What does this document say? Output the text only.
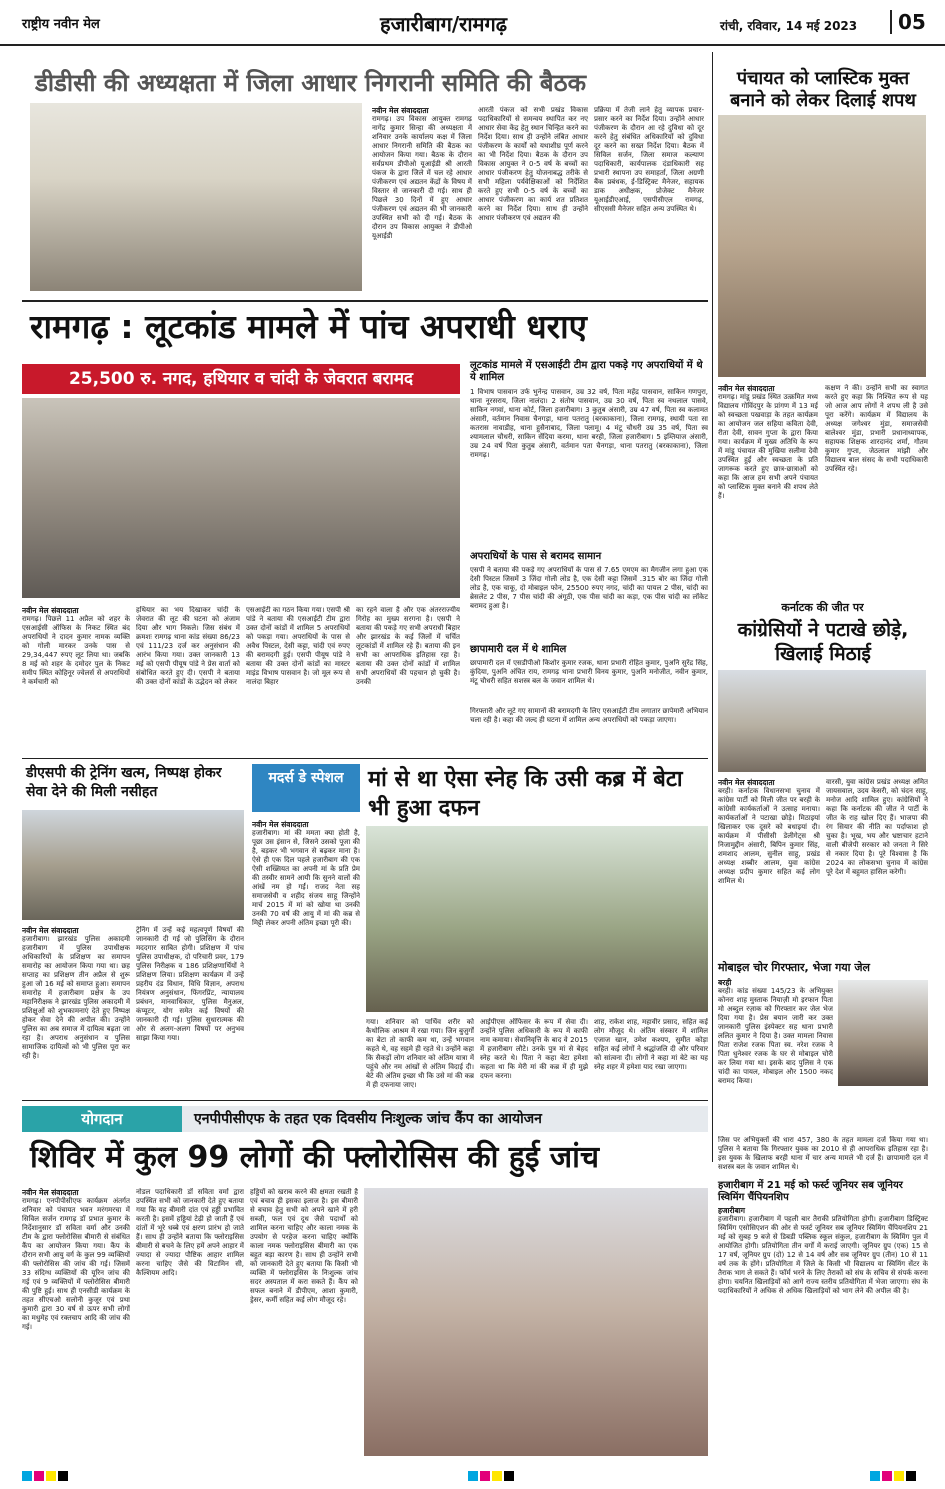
राष्ट्रीय नवीन मेल	हजारीबाग/रामगढ़	रांची, रविवार, 14 मई 2023	05
डीडीसी की अध्यक्षता में जिला आधार निगरानी समिति की बैठक
नवीन मेल संवाददाता

रामगढ़। उप विकास आयुक्त रामगढ़ नागेंद्र कुमार सिन्हा की अध्यक्षता में शनिवार उनके कार्यालय कक्ष में जिला आधार निगरानी समिति की बैठक का आयोजन किया गया। बैठक के दौरान सर्वप्रथम डीपीओ यूआईडी श्री आरती पंकज के द्वारा जिले में चल रहे आधार पंजीकरण एवं अद्यतन केंद्रों के विषय में विस्तार से जानकारी दी गई। साथ ही पिछले 30 दिनों में हुए आधार पंजीकरण एवं अद्यतन की भी जानकारी उपस्थित सभी को दी गई। बैठक के दौरान उप विकास आयुक्त ने डीपीओ यूआईडी

आरती पंकज को सभी प्रखंड विकास पदाधिकारियों से समन्वय स्थापित कर नए आधार सेवा केंद्र हेतु स्थान चिन्हित करने का निर्देश दिया। साथ ही उन्होंने लंबित आधार पंजीकरण के कार्यों को यथाशीघ्र पूर्ण करने का भी निर्देश दिया। बैठक के दौरान उप विकास आयुक्त ने 0-5 वर्ष के बच्चों का आधार पंजीकरण हेतु योजनाबद्ध तरीके से सभी महिला पर्यवेक्षिकाओं को निर्देशित करते हुए सभी 0-5 वर्ष के बच्चों का आधार पंजीकरण का कार्य शत प्रतिशत करने का निर्देश दिया। साथ ही उन्होंने आधार पंजीकरण एवं अद्यतन की
प्रक्रिया में तेजी लाने हेतु व्यापक प्रचार-प्रसार करने का निर्देश दिया। उन्होंने आधार पंजीकरण के दौरान आ रहे दुविधा को दूर करने हेतु संबंधित अधिकारियों को दुविधा दूर करने का सख्त निर्देश दिया। बैठक में सिविल सर्जन, जिला समाज कल्याण पदाधिकारी, कार्यपालक दंडाधिकारी सह प्रभारी स्थापना उप समाहर्ता, जिला अग्रणी बैंक प्रबंधक, ई-डिस्ट्रिक्ट मैनेजर, सहायक डाक अधीक्षक, प्रोजेक्ट मैनेजर यूआईडीएआई, एसपीसीएल रामगढ़, सीएससी मैनेजर सहित अन्य उपस्थित थे।
पंचायत को प्लास्टिक मुक्त बनाने को लेकर दिलाई शपथ
नवीन मेल संवाददाता

रामगढ़। मांडू प्रखंड स्थित उत्क्रमित मध्य विद्यालय गोविंदपुर के प्रांगण में 13 मई को स्वच्छता पखवाड़ा के तहत कार्यक्रम का आयोजन जल सहिया कविता देवी, रीता देवी, सावन गुप्ता के द्वारा किया गया। कार्यक्रम में मुख्य अतिथि के रूप में मांडू पंचायत की मुखिया सलीमा देवी उपस्थित हुईं और स्वच्छता के प्रति जागरूक करते हुए छात्र-छात्राओं को कहा कि आज हम सभी अपने पंचायत को प्लास्टिक मुक्त बनाने की शपथ लेते हैं।

कक्षण ने की। उन्होंने सभी का स्वागत करते हुए कहा कि निश्चित रूप से यह जो आज आप लोगों ने शपथ ली है उसे पूरा करेंगे। कार्यक्रम में विद्यालय के अध्यक्ष जगेश्वर मुंडा, समाजसेवी बालेश्वर मुंडा, प्रभारी प्रधानाध्यापक, सहायक शिक्षक शारदानंद शर्मा, गौतम कुमार गुप्ता, जेठलाल मांझी और विद्यालय बाल संसद के सभी पदाधिकारी उपस्थित रहे।
रामगढ़ : लूटकांड मामले में पांच अपराधी धराए
25,500 रु. नगद, हथियार व चांदी के जेवरात बरामद
नवीन मेल संवाददाता

रामगढ़। पिछले 11 अप्रैल को शहर के एसआईसी ऑफिस के निकट स्थित बंद अपराधियों ने दादन कुमार नामक व्यक्ति को गोली मारकर उनके पास से 29,34,447 रुपए लूट लिया था। जबकि 8 मई को शहर के दमोदर पुल के निकट समीप स्थित कोहिनूर ज्वेलर्स से अपराधियों ने कर्मचारी को

हथियार का भय दिखाकर चांदी के जेवरात की लूट की घटना को अंजाम दिया और भाग निकले। जिस संबंध में क्रमशः रामगढ़ थाना कांड संख्या 86/23 एवं 111/23 दर्ज कर अनुसंधान की आरंभ किया गया। उक्त जानकारी 13 मई को एसपी पीयूष पांडे ने प्रेस वार्ता को संबोधित करते हुए दी। एसपी ने बताया की उक्त दोनों कांडों के उद्भेदन को लेकर
एसआईटी का गठन किया गया। एसपी श्री पांडे ने बताया की एसआईटी टीम द्वारा उक्त दोनों कांडों में शामिल 5 अपराधियों को पकड़ा गया। अपराधियों के पास से अवैध पिस्टल, देसी कट्टा, चांदी एवं रुपए की बरामदगी हुई। एसपी पीयूष पांडे ने बताया की उक्त दोनों कांडों का मास्टर माइंड विभाष पासवान है। जो मूल रूप से नालंदा बिहार
का रहने वाला है और एक अंतरराज्यीय गिरोह का मुख्य सरगना है। एसपी ने बताया की पकड़े गए सभी अपराधी बिहार और झारखंड के कई जिलों में चर्चित लूटकांडों में शामिल रहे हैं। बताया की इन सभी का आपराधिक इतिहास रहा है। बताया की उक्त दोनों कांडों में शामिल सभी अपराधियों की पहचान हो चुकी है। उनकी
लूटकांड मामले में एसआईटी टीम द्वारा पकड़े गए अपराधियों में थे ये शामिल
1 विभाष पासवान उर्फ भुनेन्द्र पासवान, उम्र 32 वर्ष, पिता महेंद्र पासवान, साकिन गणपुरा, थाना नूरसराय, जिला नालंदा। 2 संतोष पासवान, उम्र 30 वर्ष, पिता स्व नथलाल पासवे, साकिन नगवां, थाना कोर्ट, जिला हजारीबाग। 3 कुतुब अंसारी, उम्र 47 वर्ष, पिता स्व कलामत अंसारी, वर्तमान निवास चैनगड़ा, थाना पतरातु (बरकाकाना), जिला रामगढ़, स्थायी पता सा कतरास नावाडीह, थाना हुसैनाबाद, जिला पलामू। 4 मंटू चौधरी उम्र 35 वर्ष, पिता स्व श्यामलाल चौधरी, साकिन सेंदिया करमा, थाना बरही, जिला हजारीबाग। 5 इम्तियाज अंसारी, उम्र 24 वर्ष पिता कुतुब अंसारी, वर्तमान पता चैनगड़ा, थाना पतरातु (बरकाकाना), जिला रामगढ़।
अपराधियों के पास से बरामद सामान
एसपी ने बताया की पकड़े गए अपराधियों के पास से 7.65 एमएम का मैगजीन लगा हुआ एक देसी पिस्टल जिसमें 3 जिंदा गोली लोड है, एक देसी कट्टा जिसमें .315 बोर का जिंदा गोली लोड है, एक चाकू, दो मोबाइल फोन, 25500 रुपए नगद, चांदी का पायल 2 पीस, चांदी का ब्रेसलेट 2 पीस, 7 पीस चांदी की अंगूठी, एक पीस चांदी का कड़ा, एक पीस चांदी का लॉकेट बरामद हुआ है।
छापामारी दल में थे शामिल
छापामारी दल में एसडीपीओ किशोर कुमार रजक, थाना प्रभारी रोहित कुमार, पुअनि सुरेंद्र सिंह, कुंदिया, पुअनि अंचित राय, रामगढ़ थाना प्रभारी विनय कुमार, पुअनि मनोजीत, नवीन कुमार, मंटू चौधरी सहित सशस्त्र बल के जवान शामिल थे।
गिरफ्तारी और लूटे गए सामानों की बरामदगी के लिए एसआईटी टीम लगातार छापेमारी अभियान चला रही है। कहा की जल्द ही घटना में शामिल अन्य अपराधियों को पकड़ा जाएगा।
कर्नाटक की जीत पर
कांग्रेसियों ने पटाखे छोड़े, खिलाई मिठाई
नवीन मेल संवाददाता

बरही। कर्नाटक विधानसभा चुनाव में कांग्रेस पार्टी को मिली जीत पर बरही के कांग्रेसी कार्यकर्ताओं ने उत्साह मनाया। कार्यकर्ताओं ने पटाखा छोड़े। मिठाइयां खिलाकर एक दूसरे को बधाइयां दी। कार्यक्रम में पीसीसी डेलीगेट्स श्री निजामुद्दीन अंसारी, बिपिन कुमार सिंह, शमशाद आलम, सुनील साहू, प्रखंड अध्यक्ष शब्बीर आलम, युवा कांग्रेस अध्यक्ष प्रदीप कुमार सहित कई लोग शामिल थे।

वारसी, युवा कांग्रेस प्रखंड अध्यक्ष अमित जायसवाल, उदय केसरी, को चंदन साहू, मनोज आदि शामिल हुए। कांग्रेसियों ने कहा कि कर्नाटक की जीत ने पार्टी के जीत के राह खोल दिए हैं। भाजपा की रंग सियार की नीति का पर्दाफाश हो चुका है। भूख, भय और भ्रष्टाचार हटाने वाली बीजेपी सरकार को जनता ने सिरे से नकार दिया है। पूरे विश्वास है कि 2024 का लोकसभा चुनाव में कांग्रेस पूरे देश में बहुमत हासिल करेगी।
डीएसपी की ट्रेनिंग खत्म, निष्पक्ष होकर सेवा देने की मिली नसीहत
नवीन मेल संवाददाता

हजारीबाग। झारखंड पुलिस अकादमी हजारीबाग में पुलिस उपाधीक्षक अधिकारियों के प्रशिक्षण का समापन समारोह का आयोजन किया गया था। छह सप्ताह का प्रशिक्षण तीन अप्रैल से शुरू हुआ जो 16 मई को समाप्त हुआ। समापन समारोह में हजारीबाग प्रक्षेत्र के उप महानिरीक्षक ने झारखंड पुलिस अकादमी में प्रशिक्षुओं को शुभकामनाएं देते हुए निष्पक्ष होकर सेवा देने की अपील की। उन्होंने पुलिस का अब समाज में दायित्व बढ़ता जा रहा है। अपराध अनुसंधान व पुलिस सामाजिक दायित्वों को भी पुलिस पूरा कर रही है।

ट्रेनिंग में उन्हें कई महत्वपूर्ण विषयों की जानकारी दी गई जो पुलिसिंग के दौरान मददगार साबित होगी। प्रशिक्षण में पांच पुलिस उपाधीक्षक, दो परिचारी प्रवर, 179 पुलिस निरीक्षक व 186 प्रशिक्षणार्थियों ने प्रशिक्षण लिया। प्रशिक्षण कार्यक्रम में उन्हें प्रहरीय दंड विधान, विधि विज्ञान, अपराध नियंत्रण अनुसंधान, फिंगरप्रिंट, न्यायालय प्रबंधन, मानवाधिकार, पुलिस मैनुअल, कंप्यूटर, योग समेत कई विषयों की जानकारी दी गई। पुलिस सुधारात्मक की ओर से अलग-अलग विषयों पर अनुभव साझा किया गया।
मदर्स डे स्पेशल	मां से था ऐसा स्नेह कि उसी कब्र में बेटा भी हुआ दफन
नवीन मेल संवाददाता

हजारीबाग। मां की ममता क्या होती है, पूछा उस इंसान से, जिसने उसको पूजा की है, बड़कर भी भगवान से बढ़कर माना है। ऐसे ही एक दिल पहले हजारीबाग की एक ऐसी शख्सियत का अपनी मां के प्रति प्रेम की तस्वीर सामने आयी कि सुनने वालों की आंखें नम हो गईं। राजद नेता सह समाजसेवी व शहीद संजय साहू जिन्होंने मार्च 2015 में मां को खोया था उनकी उनकी 70 वर्ष की आयु में मां की कब्र से मिट्टी लेकर अपनी अंतिम इच्छा पूरी की।

गया। शनिवार को पार्थिव शरीर को कैथोलिक आश्रम में रखा गया। जिन बुजुर्गों का बेटा तो काफी कम था, उन्हें भगवान कहते थे, वह सहमे ही रहते थे। उन्होंने कहा कि सैकड़ों लोग शनिवार को अंतिम यात्रा में पहुंचे और नम आंखों से अंतिम विदाई दी। बेटे की अंतिम इच्छा थी कि उसे मां की कब्र में ही दफनाया जाए।
आईपीएस ऑफिसर के रूप में सेवा दी। उन्होंने पुलिस अधिकारी के रूप में काफी नाम कमाया। सेवानिवृत्ति के बाद वे 2015 में हजारीबाग लौटे। उनके पुत्र मां से बेहद स्नेह करते थे। पिता ने कहा बेटा हमेशा कहता था कि मेरी मां की कब्र में ही मुझे दफन करना।
शाह, राकेश शाह, महावीर प्रसाद, सहित कई लोग मौजूद थे। अंतिम संस्कार में शामिल एजाज खान, उमेश कश्यप, सुमीत कोड़ा सहित कई लोगों ने श्रद्धांजलि दी और परिवार को सांत्वना दी। लोगों ने कहा मां बेटे का यह स्नेह शहर में हमेशा याद रखा जाएगा।
मोबाइल चोर गिरफ्तार, भेजा गया जेल
बरही

बरही। कांड संख्या 145/23 के अभियुक्त कोनरा शाह मुस्ताक नियाज़ी मो इरफान पिता मो अब्दुल रज़ाक को गिरफ्तार कर जेल भेज दिया गया है। प्रेस बयान जारी कर उक्त जानकारी पुलिस इंस्पेक्टर सह थाना प्रभारी ललित कुमार ने दिया है। उक्त मामला निवास पिता राजेश रजक पिता स्व. नरेश रजक ने पिता धुनेश्वर रजक के घर से मोबाइल चोरी कर लिया गया था। इसके बाद पुलिस ने एक चांदी का पायल, मोबाइल और 1500 नकद बरामद किया।

जिस पर अभियुक्तों की धारा 457, 380 के तहत मामला दर्ज किया गया था। पुलिस ने बताया कि गिरफ्तार युवक का 2010 से ही आपराधिक इतिहास रहा है। इस युवक के खिलाफ बरही थाना में चार अन्य मामले भी दर्ज हैं। छापामारी दल में सशस्त्र बल के जवान शामिल थे।
हजारीबाग में 21 मई को फर्स्ट जूनियर सब जूनियर स्विमिंग चैंपियनशिप
हजारीबाग

हजारीबाग। हजारीबाग में पहली बार तैराकी प्रतियोगिता होगी। हजारीबाग डिस्ट्रिक्ट स्विमिंग एसोसिएशन की ओर से फर्स्ट जूनियर सब जूनियर स्विमिंग चैंपियनशिप 21 मई को सुबह 9 बजे से डिबडी पब्लिक स्कूल संकुल, हजारीबाग के स्विमिंग पुल में आयोजित होगी। प्रतियोगिता तीन वर्गों में कराई जाएगी। जूनियर ग्रुप (एक) 15 से 17 वर्ष, जूनियर ग्रुप (दो) 12 से 14 वर्ष और सब जूनियर ग्रुप (तीन) 10 से 11 वर्ष तक के होंगे। प्रतियोगिता में जिले के किसी भी विद्यालय या स्विमिंग सेंटर के तैराक भाग ले सकते हैं। फॉर्म भरने के लिए तैराकों को संघ के सचिव से संपर्क करना होगा। चयनित खिलाड़ियों को आगे राज्य स्तरीय प्रतियोगिता में भेजा जाएगा। संघ के पदाधिकारियों ने अधिक से अधिक खिलाड़ियों को भाग लेने की अपील की है।

योगदान	एनपीपीसीएफ के तहत एक दिवसीय निःशुल्क जांच कैंप का आयोजन
शिविर में कुल 99 लोगों की फ्लोरोसिस की हुई जांच
नवीन मेल संवाददाता

रामगढ़। एनपीपीसीएफ कार्यक्रम अंतर्गत शनिवार को पंचायत भवन मरंगमरचा में सिविल सर्जन रामगढ़ डॉ प्रभात कुमार के निर्देशानुसार डॉ सविता वर्मा और उनकी टीम के द्वारा फ्लोरोसिस बीमारी से संबंधित कैंप का आयोजन किया गया। कैंप के दौरान सभी आयु वर्ग के कुल 99 व्यक्तियों की फ्लोरोसिस की जांच की गई। जिसमें 33 संदिग्ध व्यक्तियों की यूरिन जांच की गई एवं 9 व्यक्तियों में फ्लोरोसिस बीमारी की पुष्टि हुई। साथ ही एनसीडी कार्यक्रम के तहत सीएचओ सलोनी कुजूर एवं प्रथा कुमारी द्वारा 30 वर्ष से ऊपर सभी लोगों का मधुमेह एवं रक्तचाप आदि की जांच की गई।

नोडल पदाधिकारी डॉ सविता वर्मा द्वारा उपस्थित सभी को जानकारी देते हुए बताया गया कि यह बीमारी दांत एवं हड्डी प्रभावित करती है। इसमें हड्डियां टेढ़ी हो जाती हैं एवं दांतों में भूरे धब्बे एवं क्षरण प्रारंभ हो जाते हैं। साथ ही उन्होंने बताया कि फ्लोराइसिस बीमारी से बचने के लिए हमें अपने आहार में ज्यादा से ज्यादा पौष्टिक आहार शामिल करना चाहिए जैसे की विटामिन सी, कैल्शियम आदि।
हड्डियों को खराब करने की क्षमता रखती है एवं बचाव ही इसका इलाज है। इस बीमारी से बचाव हेतु सभी को अपने खाने में हरी सब्जी, फल एवं दूध जैसे पदार्थों को शामिल करना चाहिए और काला नमक के उपयोग से परहेज करना चाहिए क्योंकि काला नमक फ्लोराइसिस बीमारी का एक बहुत बड़ा कारण है। साथ ही उन्होंने सभी को जानकारी देते हुए बताया कि किसी भी व्यक्ति में फ्लोराइसिस के निःशुल्क जांच सदर अस्पताल में करा सकते हैं। कैंप को सफल बनाने में डीपीएम, आशा कुमारी, ड्रेसर, कर्मी सहित कई लोग मौजूद रहे।
